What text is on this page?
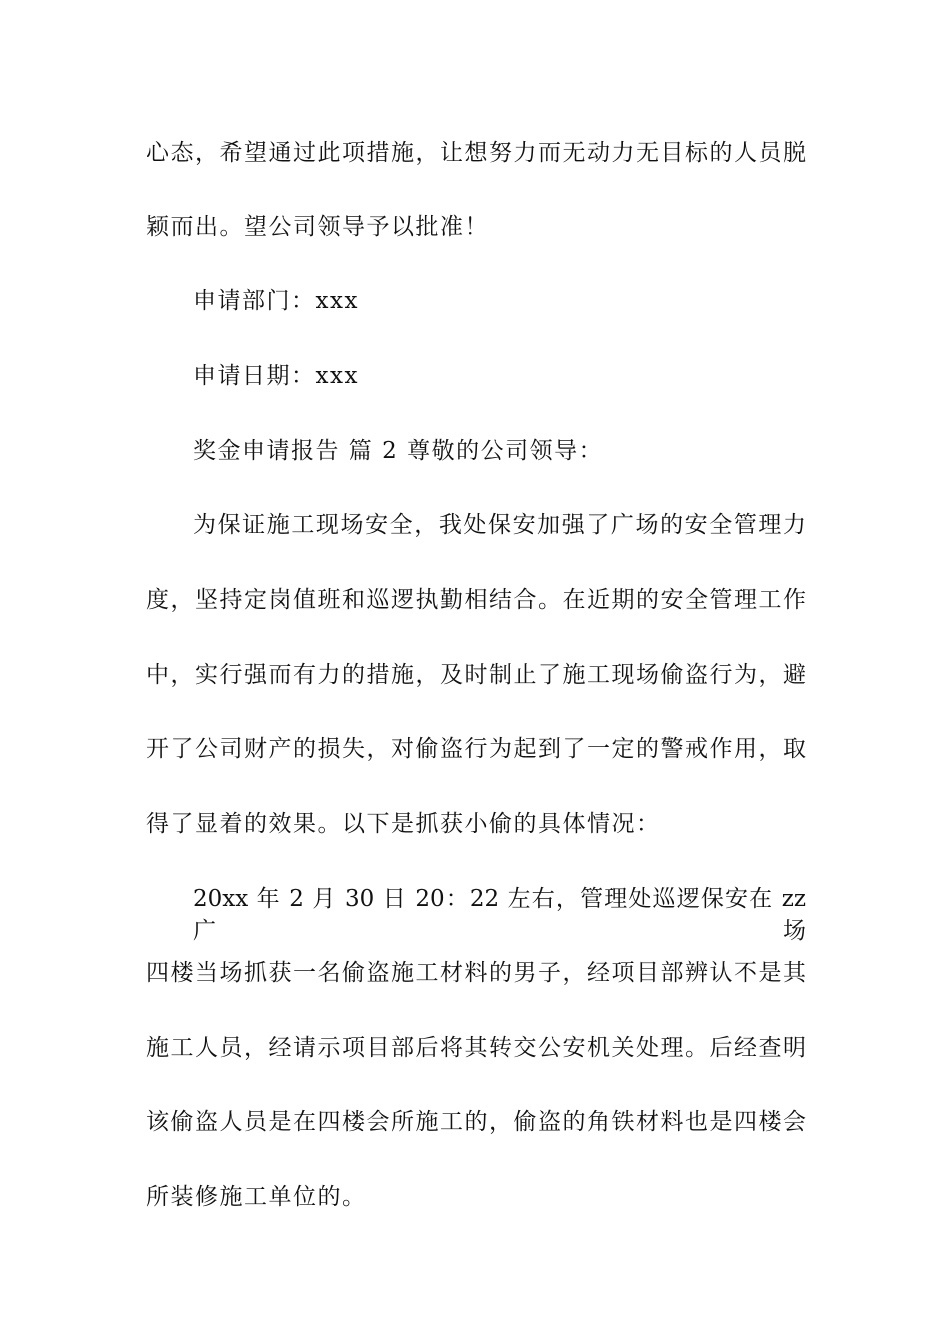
心态，希望通过此项措施，让想努力而无动力无目标的人员脱
颖而出。望公司领导予以批准！
申请部门：xxx
申请日期：xxx
奖金申请报告 篇 2 尊敬的公司领导：
为保证施工现场安全，我处保安加强了广场的安全管理力
度，坚持定岗值班和巡逻执勤相结合。在近期的安全管理工作
中，实行强而有力的措施，及时制止了施工现场偷盗行为，避
开了公司财产的损失，对偷盗行为起到了一定的警戒作用，取
得了显着的效果。以下是抓获小偷的具体情况：
20xx 年 2 月 30 日 20：22 左右，管理处巡逻保安在 zz 广场
四楼当场抓获一名偷盗施工材料的男子，经项目部辨认不是其
施工人员，经请示项目部后将其转交公安机关处理。后经查明
该偷盗人员是在四楼会所施工的，偷盗的角铁材料也是四楼会
所装修施工单位的。
